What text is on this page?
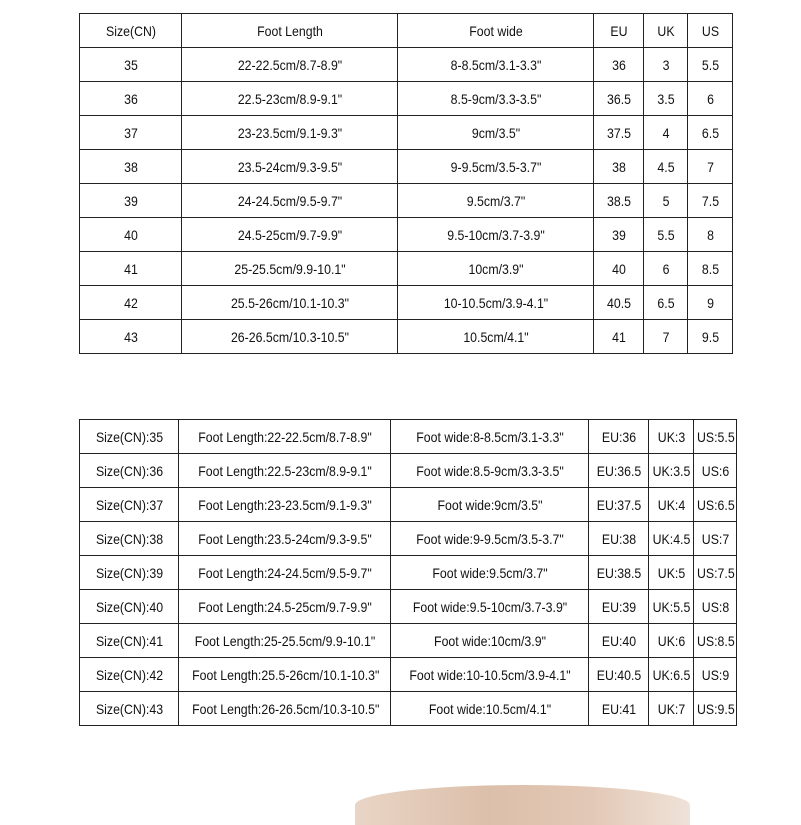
Size(CN)	Foot Length	Foot wide	EU	UK	US
35	22-22.5cm/8.7-8.9"	8-8.5cm/3.1-3.3"	36	3	5.5
36	22.5-23cm/8.9-9.1"	8.5-9cm/3.3-3.5"	36.5	3.5	6
37	23-23.5cm/9.1-9.3"	9cm/3.5"	37.5	4	6.5
38	23.5-24cm/9.3-9.5"	9-9.5cm/3.5-3.7"	38	4.5	7
39	24-24.5cm/9.5-9.7"	9.5cm/3.7"	38.5	5	7.5
40	24.5-25cm/9.7-9.9"	9.5-10cm/3.7-3.9"	39	5.5	8
41	25-25.5cm/9.9-10.1"	10cm/3.9"	40	6	8.5
42	25.5-26cm/10.1-10.3"	10-10.5cm/3.9-4.1"	40.5	6.5	9
43	26-26.5cm/10.3-10.5"	10.5cm/4.1"	41	7	9.5
Size(CN):35	Foot Length:22-22.5cm/8.7-8.9"	Foot wide:8-8.5cm/3.1-3.3"	EU:36	UK:3	US:5.5
Size(CN):36	Foot Length:22.5-23cm/8.9-9.1"	Foot wide:8.5-9cm/3.3-3.5"	EU:36.5	UK:3.5	US:6
Size(CN):37	Foot Length:23-23.5cm/9.1-9.3"	Foot wide:9cm/3.5"	EU:37.5	UK:4	US:6.5
Size(CN):38	Foot Length:23.5-24cm/9.3-9.5"	Foot wide:9-9.5cm/3.5-3.7"	EU:38	UK:4.5	US:7
Size(CN):39	Foot Length:24-24.5cm/9.5-9.7"	Foot wide:9.5cm/3.7"	EU:38.5	UK:5	US:7.5
Size(CN):40	Foot Length:24.5-25cm/9.7-9.9"	Foot wide:9.5-10cm/3.7-3.9"	EU:39	UK:5.5	US:8
Size(CN):41	Foot Length:25-25.5cm/9.9-10.1"	Foot wide:10cm/3.9"	EU:40	UK:6	US:8.5
Size(CN):42	Foot Length:25.5-26cm/10.1-10.3"	Foot wide:10-10.5cm/3.9-4.1"	EU:40.5	UK:6.5	US:9
Size(CN):43	Foot Length:26-26.5cm/10.3-10.5"	Foot wide:10.5cm/4.1"	EU:41	UK:7	US:9.5
